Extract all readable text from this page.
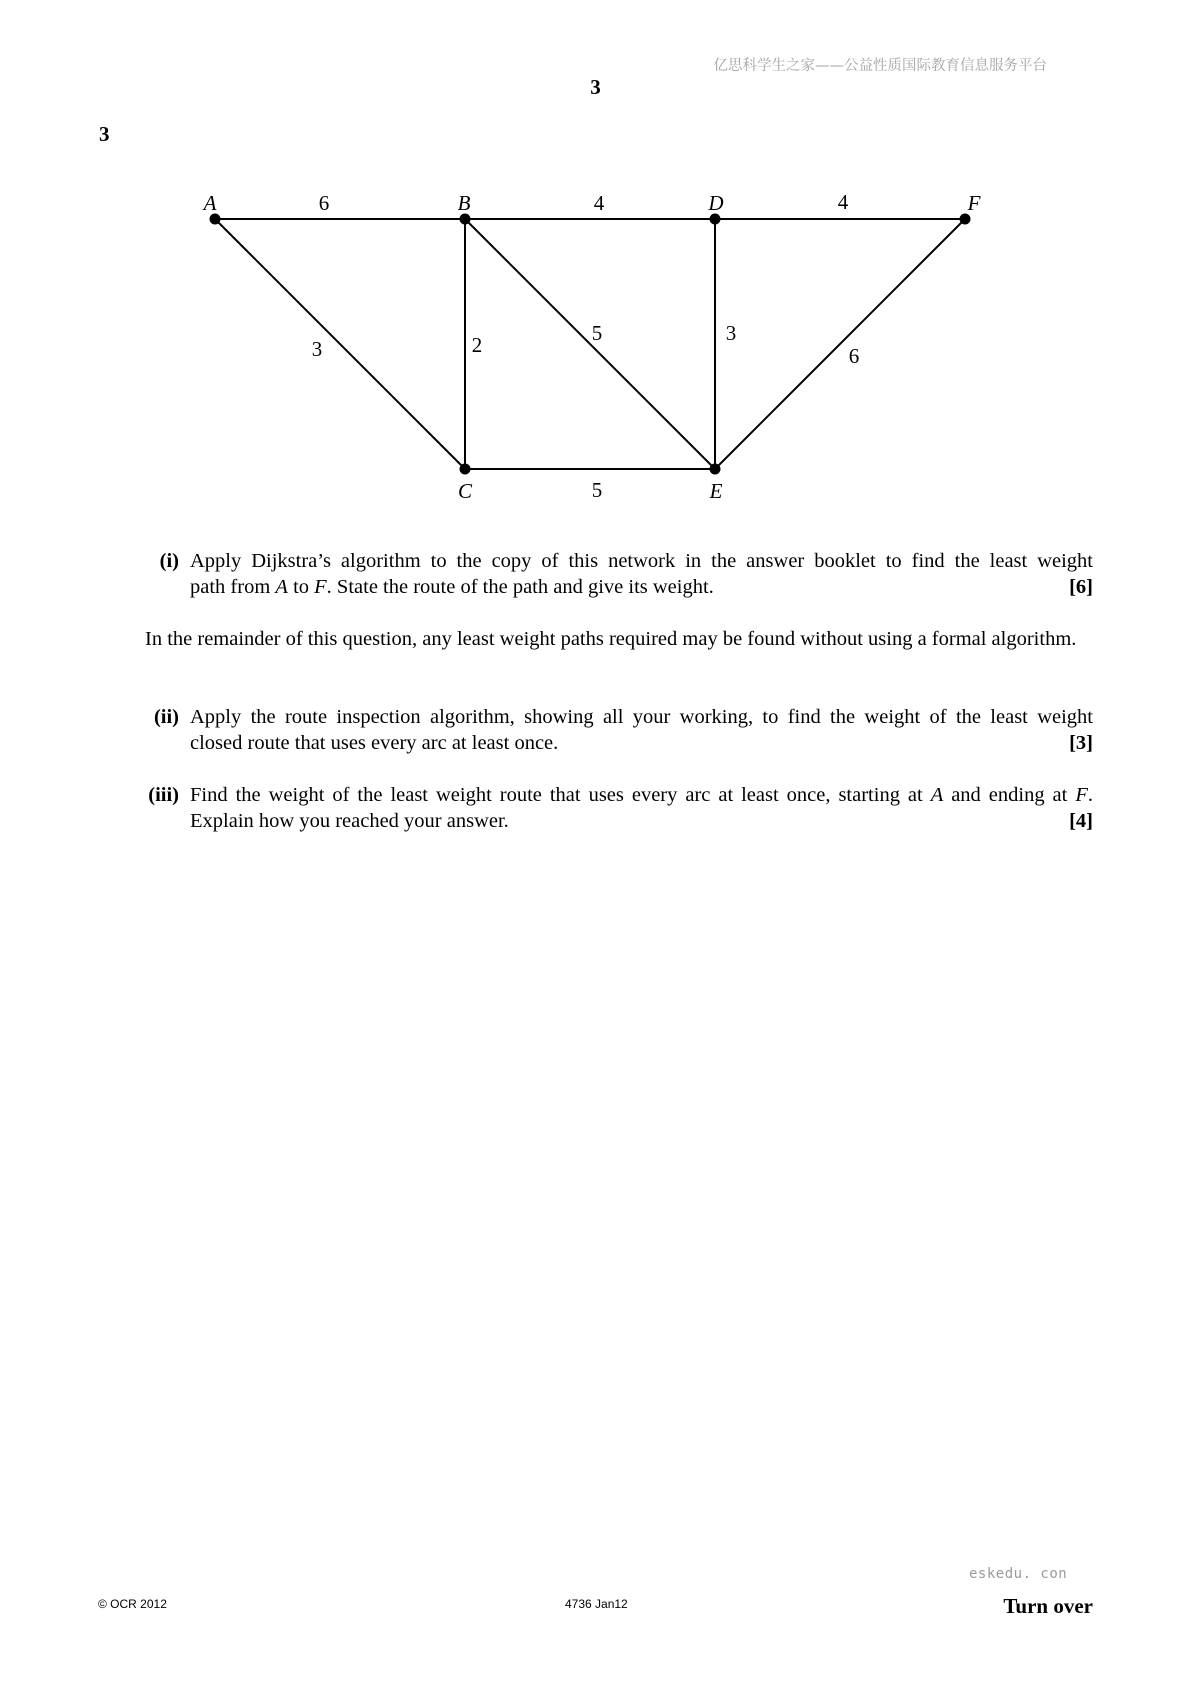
亿思科学生之家——公益性质国际教育信息服务平台
3
3
A	B
C
D
E
F
6	4	4
3	2	5	3
6
5
(i) Apply Dijkstra’s algorithm to the copy of this network in the answer booklet to find the least weight
[6]
path from A to F. State the route of the path and give its weight.
In the remainder of this question, any least weight paths required may be found without using a formal algorithm.
(ii) Apply the route inspection algorithm, showing all your working, to find the weight of the least weight
[3]
closed route that uses every arc at least once.
(iii) Find the weight of the least weight route that uses every arc at least once, starting at A and ending at F.
[4]
Explain how you reached your answer.
eskedu. con
© OCR 2012	4736 Jan12	Turn over
